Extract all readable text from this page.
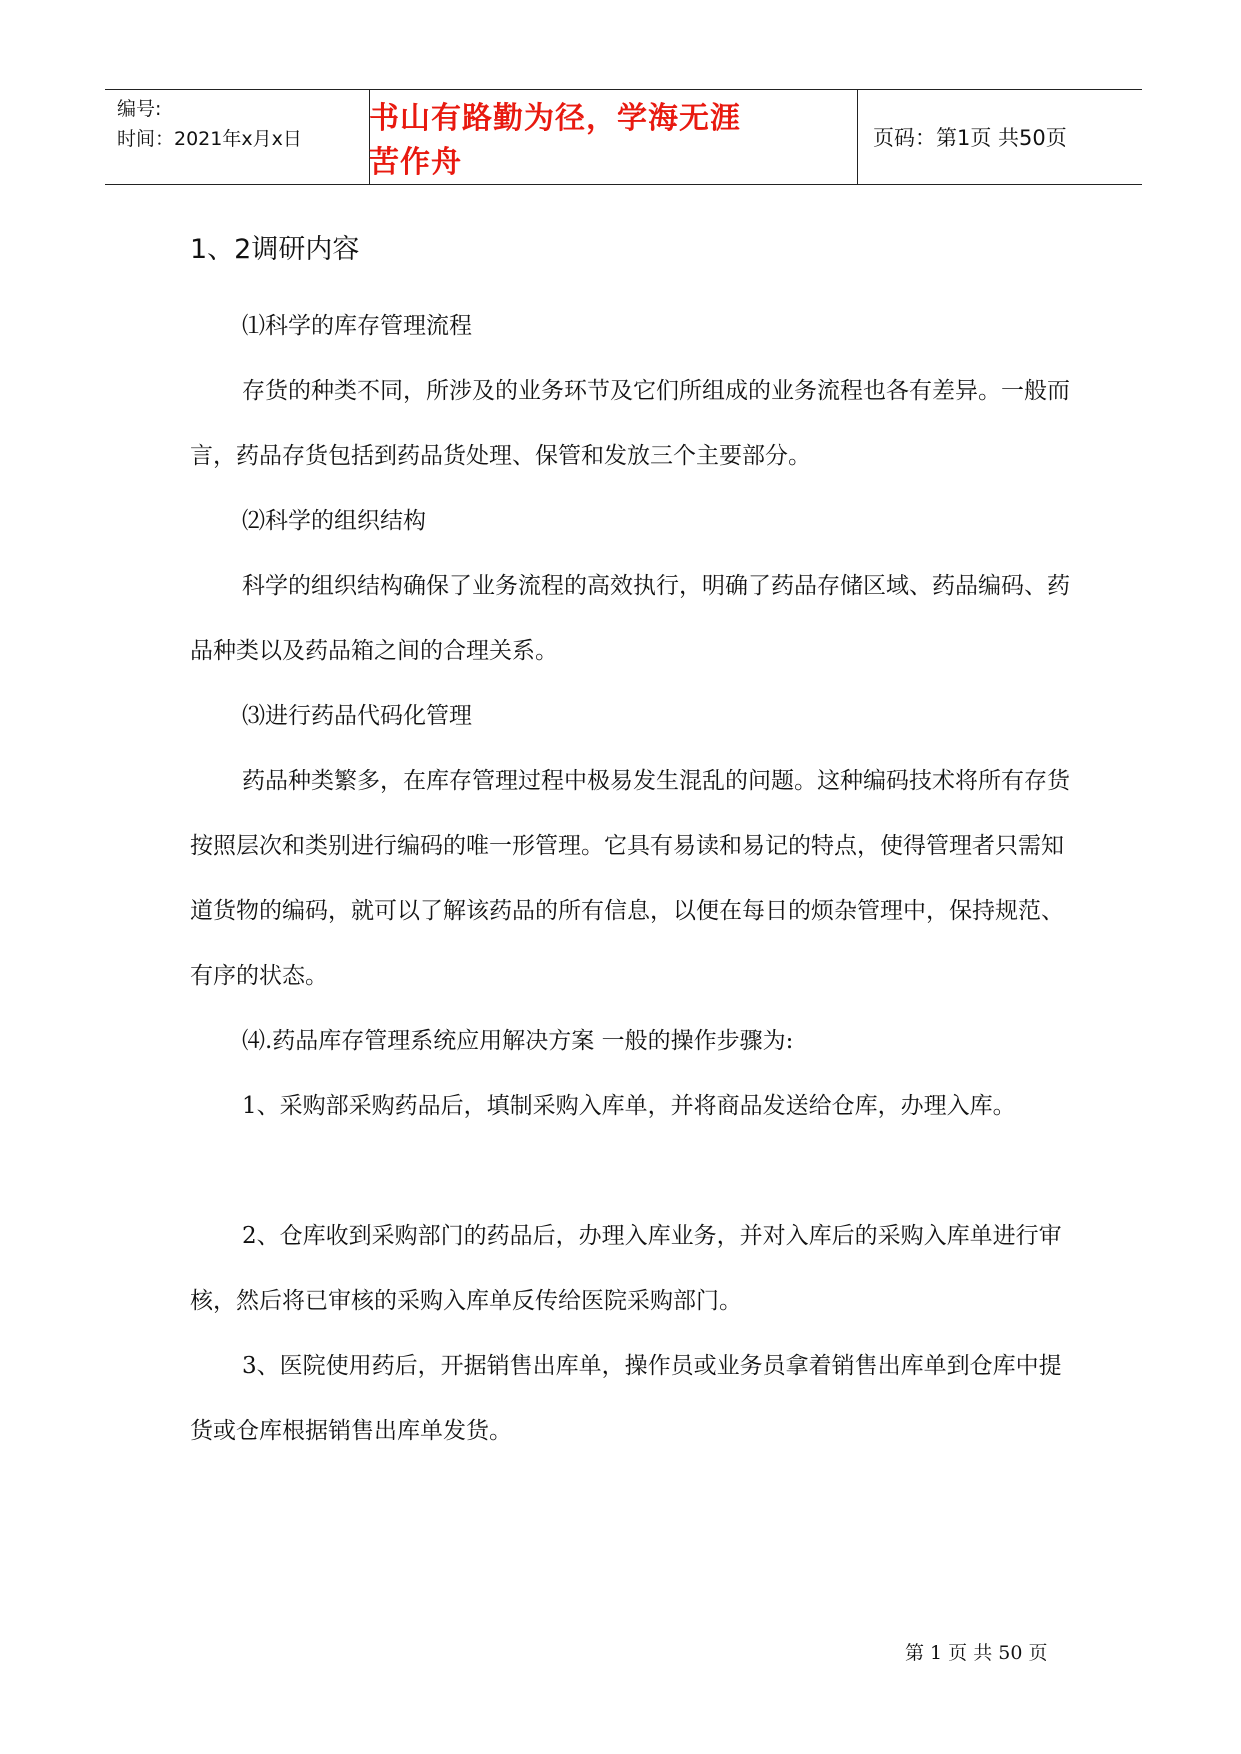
编号:
时间：2021年x月x日
书山有路勤为径，学海无涯苦作舟
页码：第1页 共50页
1、2调研内容

⑴科学的库存管理流程

存货的种类不同，所涉及的业务环节及它们所组成的业务流程也各有差异。一般而言，药品存货包括到药品货处理、保管和发放三个主要部分。

⑵科学的组织结构

科学的组织结构确保了业务流程的高效执行，明确了药品存储区域、药品编码、药品种类以及药品箱之间的合理关系。

⑶进行药品代码化管理

药品种类繁多，在库存管理过程中极易发生混乱的问题。这种编码技术将所有存货按照层次和类别进行编码的唯一形管理。它具有易读和易记的特点，使得管理者只需知道货物的编码，就可以了解该药品的所有信息，以便在每日的烦杂管理中，保持规范、有序的状态。

⑷.药品库存管理系统应用解决方案 一般的操作步骤为:

1、采购部采购药品后，填制采购入库单，并将商品发送给仓库，办理入库。

2、仓库收到采购部门的药品后，办理入库业务，并对入库后的采购入库单进行审核，然后将已审核的采购入库单反传给医院采购部门。

3、医院使用药后，开据销售出库单，操作员或业务员拿着销售出库单到仓库中提货或仓库根据销售出库单发货。

第 1 页 共 50 页
